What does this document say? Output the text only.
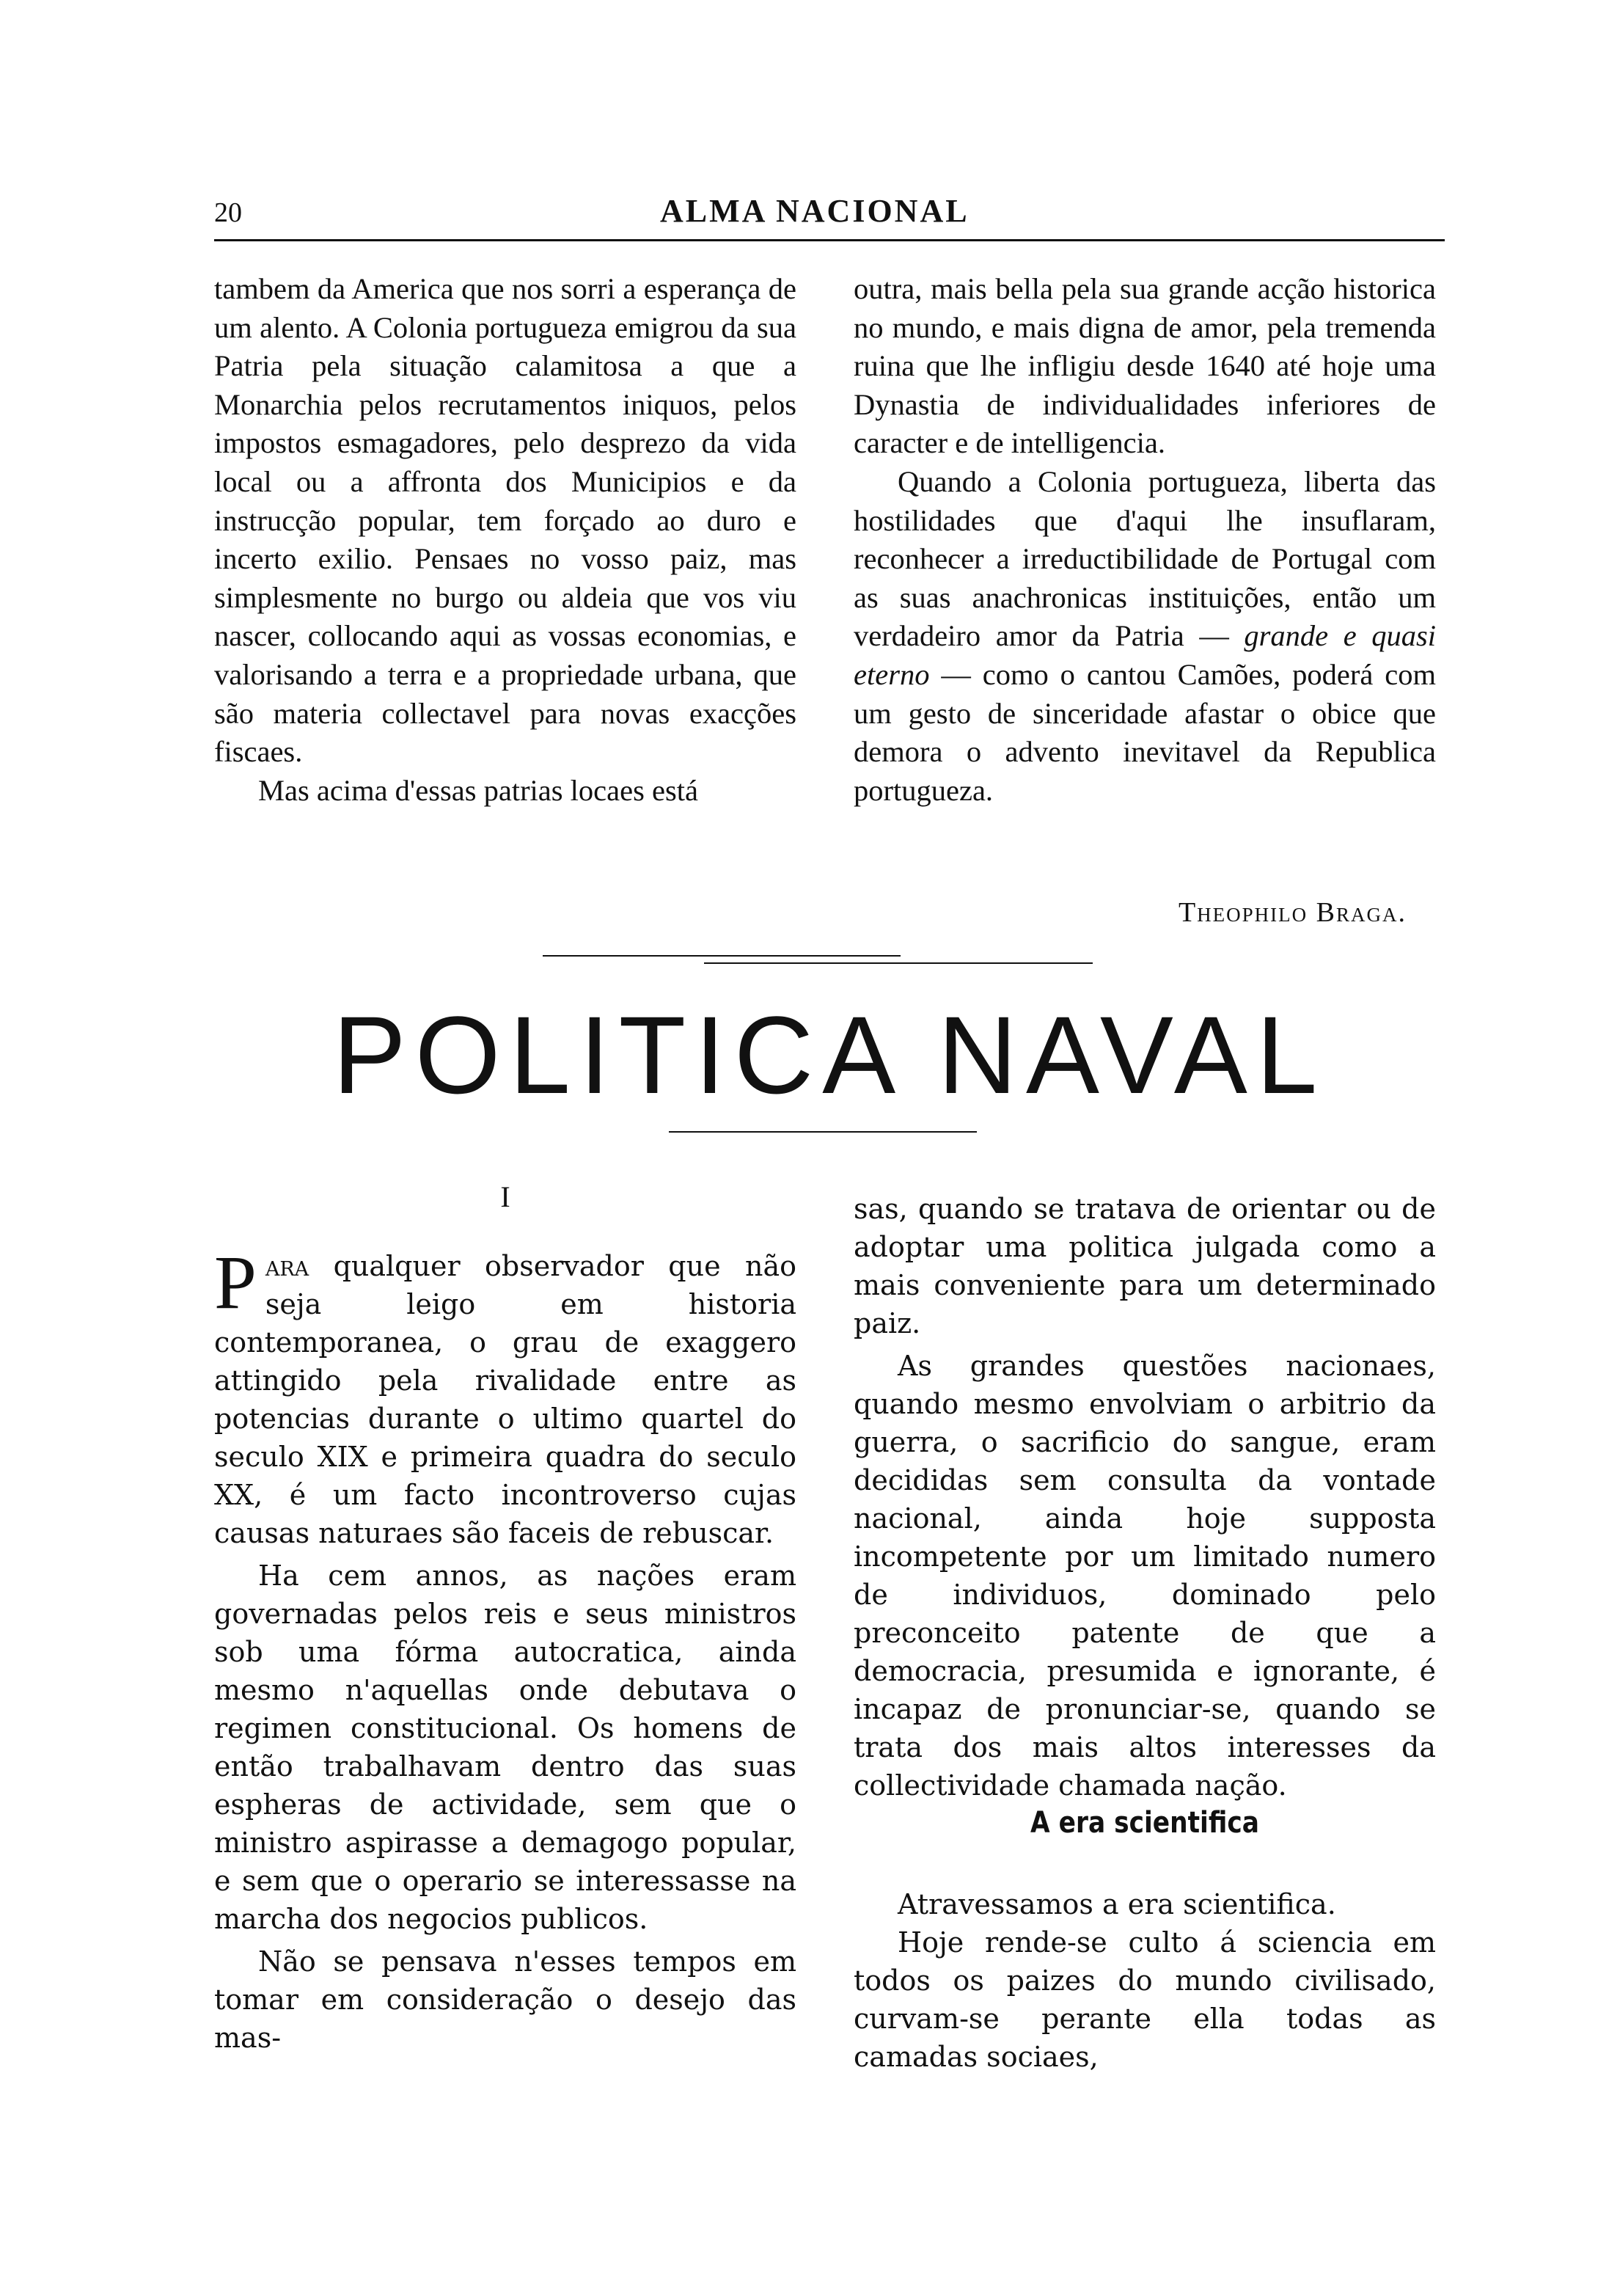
20	ALMA NACIONAL

tambem da America que nos sorri a esperança de um alento. A Colonia portugueza emigrou da sua Patria pela situação calamitosa a que a Monarchia pelos recrutamentos iniquos, pelos impostos esmagadores, pelo desprezo da vida local ou a affronta dos Municipios e da instrucção popular, tem forçado ao duro e incerto exilio. Pensaes no vosso paiz, mas simplesmente no burgo ou aldeia que vos viu nascer, collocando aqui as vossas economias, e valorisando a terra e a propriedade urbana, que são materia collectavel para novas exacções fiscaes.

Mas acima d'essas patrias locaes está

outra, mais bella pela sua grande acção historica no mundo, e mais digna de amor, pela tremenda ruina que lhe infligiu desde 1640 até hoje uma Dynastia de individualidades inferiores de caracter e de intelligencia.

Quando a Colonia portugueza, liberta das hostilidades que d'aqui lhe insuflaram, reconhecer a irreductibilidade de Portugal com as suas anachronicas instituições, então um verdadeiro amor da Patria — grande e quasi eterno — como o cantou Camões, poderá com um gesto de sinceridade afastar o obice que demora o advento inevitavel da Republica portugueza.

Theophilo Braga.
POLITICA NAVAL
I

Para qualquer observador que não seja leigo em historia contemporanea, o grau de exaggero attingido pela rivalidade entre as potencias durante o ultimo quartel do seculo XIX e primeira quadra do seculo XX, é um facto incontroverso cujas causas naturaes são faceis de rebuscar.

Ha cem annos, as nações eram governadas pelos reis e seus ministros sob uma fórma autocratica, ainda mesmo n'aquellas onde debutava o regimen constitucional. Os homens de então trabalhavam dentro das suas espheras de actividade, sem que o ministro aspirasse a demagogo popular, e sem que o operario se interessasse na marcha dos negocios publicos.

Não se pensava n'esses tempos em tomar em consideração o desejo das mas-

sas, quando se tratava de orientar ou de adoptar uma politica julgada como a mais conveniente para um determinado paiz.

As grandes questões nacionaes, quando mesmo envolviam o arbitrio da guerra, o sacrificio do sangue, eram decididas sem consulta da vontade nacional, ainda hoje supposta incompetente por um limitado numero de individuos, dominado pelo preconceito patente de que a democracia, presumida e ignorante, é incapaz de pronunciar-se, quando se trata dos mais altos interesses da collectividade chamada nação.

A era scientifica

Atravessamos a era scientifica.

Hoje rende-se culto á sciencia em todos os paizes do mundo civilisado, curvam-se perante ella todas as camadas sociaes,
